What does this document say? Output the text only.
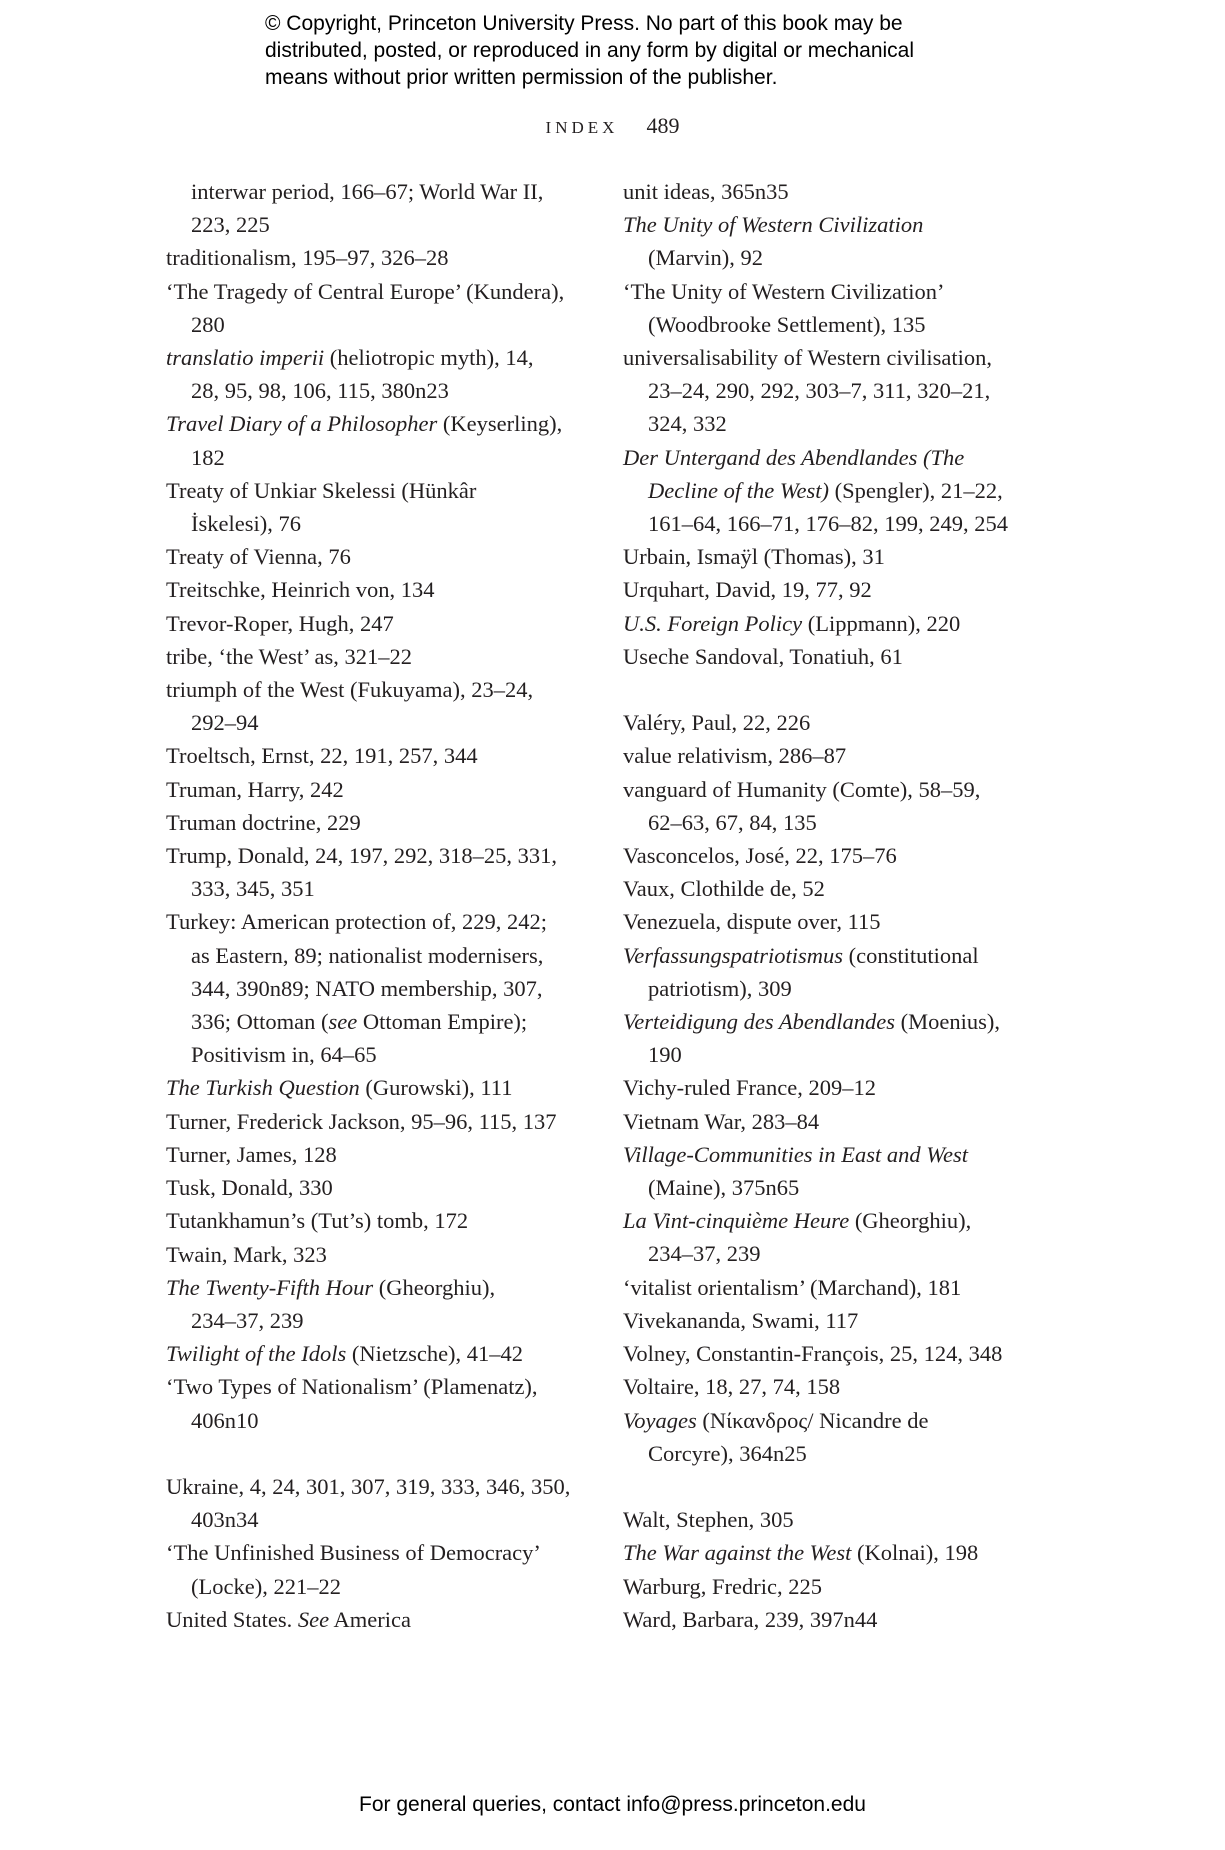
© Copyright, Princeton University Press. No part of this book may be
distributed, posted, or reproduced in any form by digital or mechanical
means without prior written permission of the publisher.
INDEX 489
interwar period, 166–67; World War II,
223, 225
traditionalism, 195–97, 326–28
‘The Tragedy of Central Europe’ (Kundera),
280
translatio imperii (heliotropic myth), 14,
28, 95, 98, 106, 115, 380n23
Travel Diary of a Philosopher (Keyserling),
182
Treaty of Unkiar Skelessi (Hünkâr
İskelesi), 76
Treaty of Vienna, 76
Treitschke, Heinrich von, 134
Trevor-Roper, Hugh, 247
tribe, ‘the West’ as, 321–22
triumph of the West (Fukuyama), 23–24,
292–94
Troeltsch, Ernst, 22, 191, 257, 344
Truman, Harry, 242
Truman doctrine, 229
Trump, Donald, 24, 197, 292, 318–25, 331,
333, 345, 351
Turkey: American protection of, 229, 242;
as Eastern, 89; nationalist modernisers,
344, 390n89; NATO membership, 307,
336; Ottoman (see Ottoman Empire);
Positivism in, 64–65
The Turkish Question (Gurowski), 111
Turner, Frederick Jackson, 95–96, 115, 137
Turner, James, 128
Tusk, Donald, 330
Tutankhamun’s (Tut’s) tomb, 172
Twain, Mark, 323
The Twenty-Fifth Hour (Gheorghiu),
234–37, 239
Twilight of the Idols (Nietzsche), 41–42
‘Two Types of Nationalism’ (Plamenatz),
406n10
Ukraine, 4, 24, 301, 307, 319, 333, 346, 350,
403n34
‘The Unfinished Business of Democracy’
(Locke), 221–22
United States. See America
unit ideas, 365n35
The Unity of Western Civilization
(Marvin), 92
‘The Unity of Western Civilization’
(Woodbrooke Settlement), 135
universalisability of Western civilisation,
23–24, 290, 292, 303–7, 311, 320–21,
324, 332
Der Untergand des Abendlandes (The
Decline of the West) (Spengler), 21–22,
161–64, 166–71, 176–82, 199, 249, 254
Urbain, Ismaÿl (Thomas), 31
Urquhart, David, 19, 77, 92
U.S. Foreign Policy (Lippmann), 220
Useche Sandoval, Tonatiuh, 61
Valéry, Paul, 22, 226
value relativism, 286–87
vanguard of Humanity (Comte), 58–59,
62–63, 67, 84, 135
Vasconcelos, José, 22, 175–76
Vaux, Clothilde de, 52
Venezuela, dispute over, 115
Verfassungspatriotismus (constitutional
patriotism), 309
Verteidigung des Abendlandes (Moenius),
190
Vichy-ruled France, 209–12
Vietnam War, 283–84
Village-Communities in East and West
(Maine), 375n65
La Vint-cinquième Heure (Gheorghiu),
234–37, 239
‘vitalist orientalism’ (Marchand), 181
Vivekananda, Swami, 117
Volney, Constantin-François, 25, 124, 348
Voltaire, 18, 27, 74, 158
Voyages (Νίκανδρος/ Nicandre de
Corcyre), 364n25
Walt, Stephen, 305
The War against the West (Kolnai), 198
Warburg, Fredric, 225
Ward, Barbara, 239, 397n44
For general queries, contact info@press.princeton.edu
